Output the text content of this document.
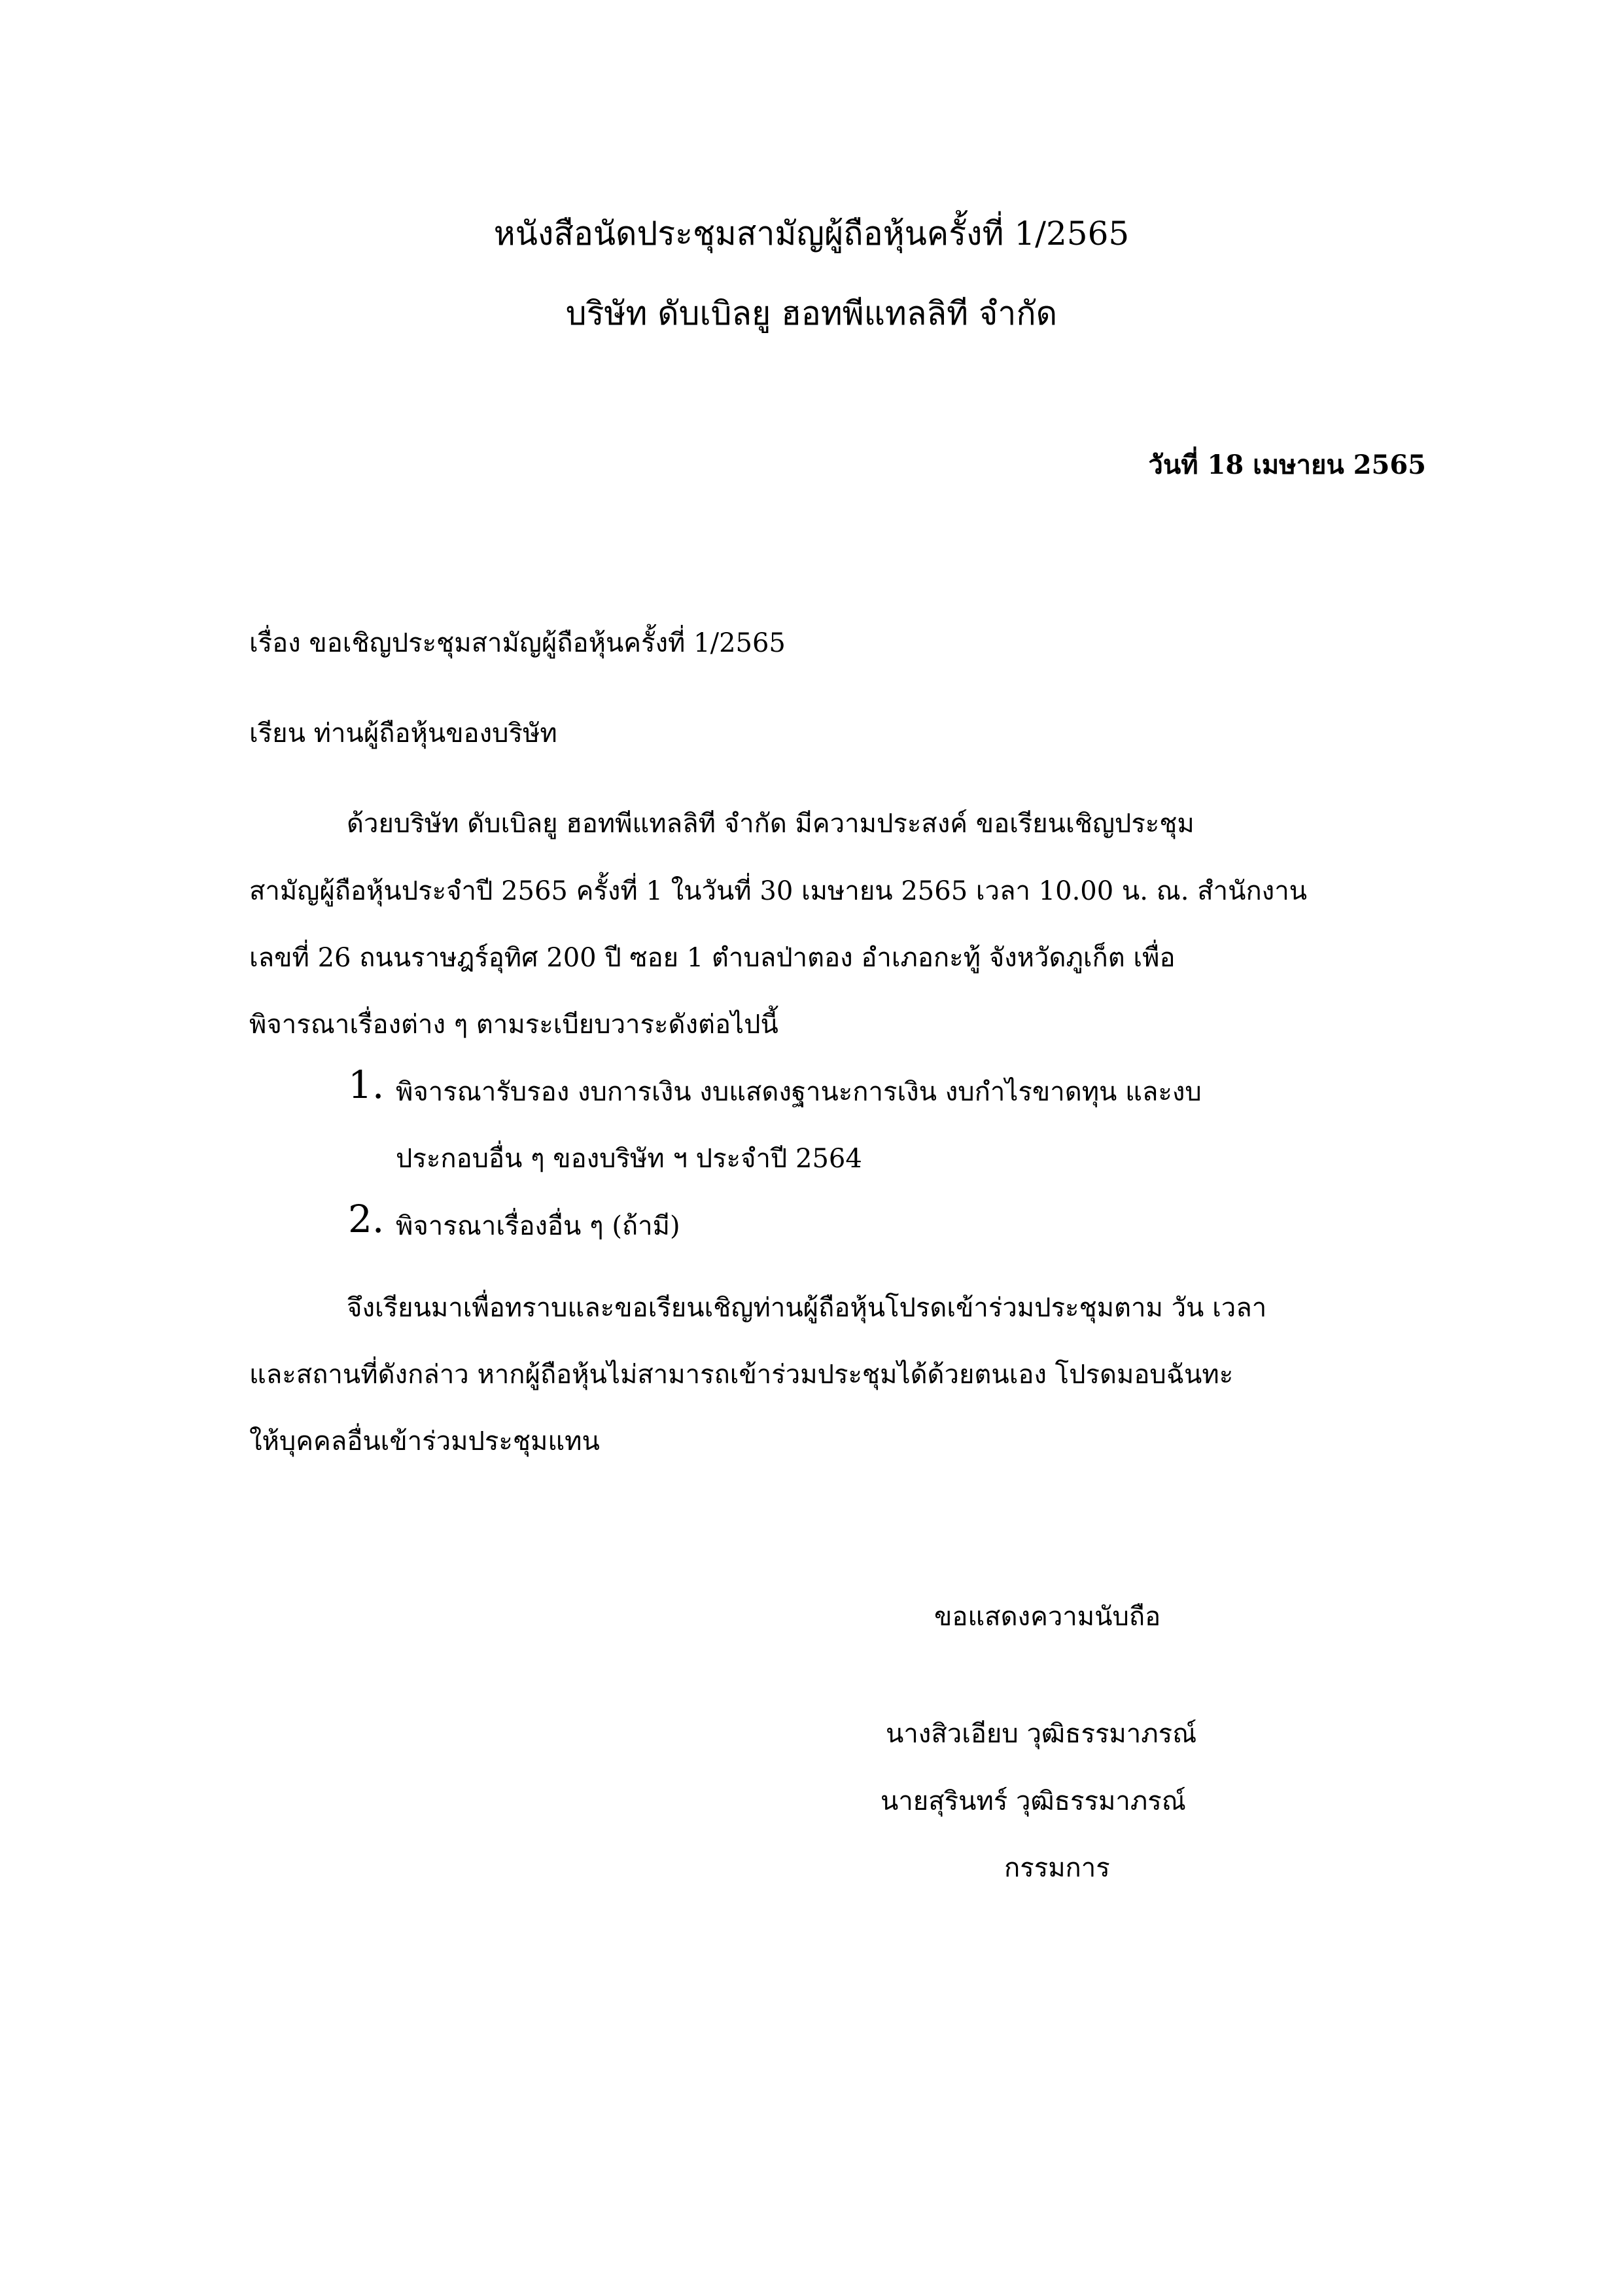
หนังสือนัดประชุมสามัญผู้ถือหุ้นครั้งที่ 1/2565
บริษัท ดับเบิลยู ฮอทพีแทลลิที จำกัด
วันที่ 18 เมษายน 2565
เรื่อง ขอเชิญประชุมสามัญผู้ถือหุ้นครั้งที่ 1/2565
เรียน ท่านผู้ถือหุ้นของบริษัท
ด้วยบริษัท ดับเบิลยู ฮอทพีแทลลิที จำกัด มีความประสงค์ ขอเรียนเชิญประชุม
สามัญผู้ถือหุ้นประจำปี 2565 ครั้งที่ 1 ในวันที่ 30 เมษายน 2565 เวลา 10.00 น. ณ. สำนักงาน
เลขที่ 26 ถนนราษฎร์อุทิศ 200 ปี ซอย 1 ตำบลป่าตอง อำเภอกะทู้ จังหวัดภูเก็ต เพื่อ
พิจารณาเรื่องต่าง ๆ ตามระเบียบวาระดังต่อไปนี้
1. พิจารณารับรอง งบการเงิน งบแสดงฐานะการเงิน งบกำไรขาดทุน และงบ
ประกอบอื่น ๆ ของบริษัท ฯ ประจำปี 2564
2. พิจารณาเรื่องอื่น ๆ (ถ้ามี)
จึงเรียนมาเพื่อทราบและขอเรียนเชิญท่านผู้ถือหุ้นโปรดเข้าร่วมประชุมตาม วัน เวลา
และสถานที่ดังกล่าว หากผู้ถือหุ้นไม่สามารถเข้าร่วมประชุมได้ด้วยตนเอง โปรดมอบฉันทะ
ให้บุคคลอื่นเข้าร่วมประชุมแทน
ขอแสดงความนับถือ
นางสิวเอียบ วุฒิธรรมาภรณ์
นายสุรินทร์ วุฒิธรรมาภรณ์
กรรมการ
